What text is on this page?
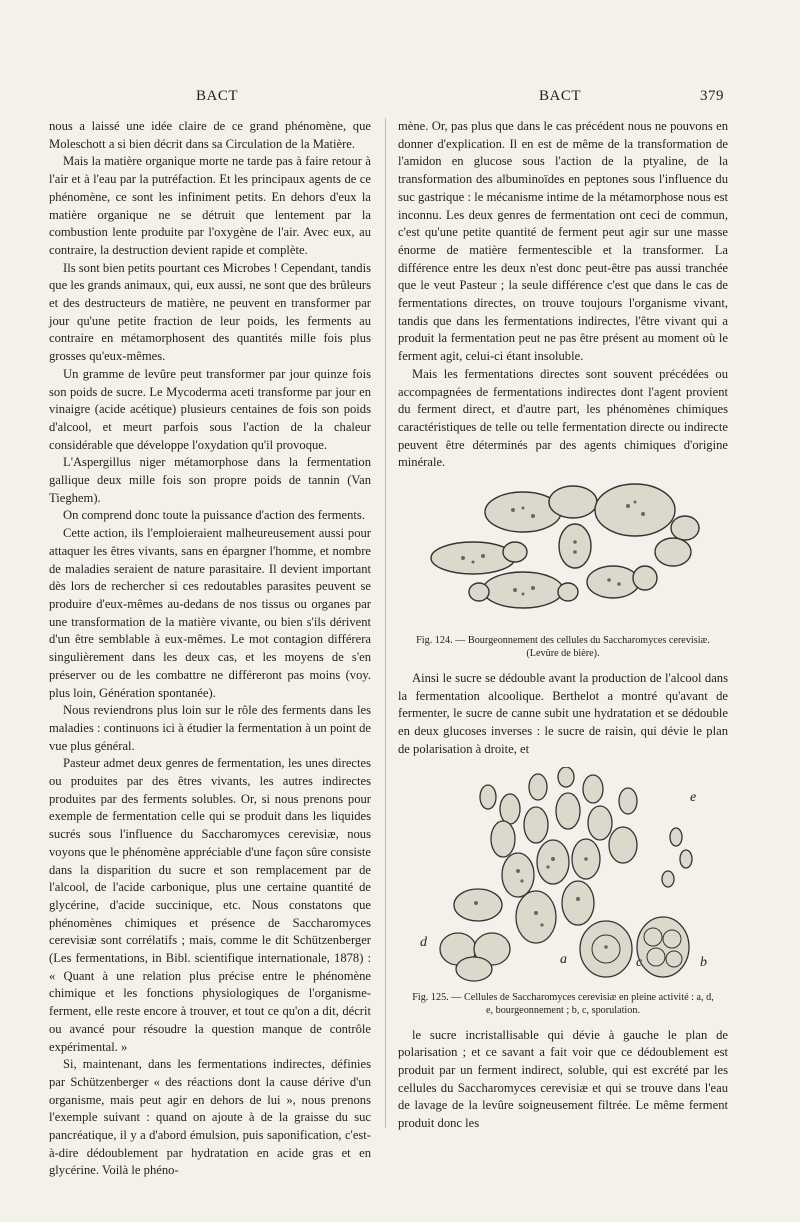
BACT	BACT	379

nous a laissé une idée claire de ce grand phénomène, que Moleschott a si bien décrit dans sa Circulation de la Matière.

Mais la matière organique morte ne tarde pas à faire retour à l'air et à l'eau par la putréfaction. Et les principaux agents de ce phénomène, ce sont les infiniment petits. En dehors d'eux la matière organique ne se détruit que lentement par la combustion lente produite par l'oxygène de l'air. Avec eux, au contraire, la destruction devient rapide et complète.

Ils sont bien petits pourtant ces Microbes ! Cependant, tandis que les grands animaux, qui, eux aussi, ne sont que des brûleurs et des destructeurs de matière, ne peuvent en transformer par jour qu'une petite fraction de leur poids, les ferments au contraire en métamorphosent des quantités mille fois plus grosses qu'eux-mêmes.

Un gramme de levûre peut transformer par jour quinze fois son poids de sucre. Le Mycoderma aceti transforme par jour en vinaigre (acide acétique) plusieurs centaines de fois son poids d'alcool, et meurt parfois sous l'action de la chaleur considérable que développe l'oxydation qu'il provoque.

L'Aspergillus niger métamorphose dans la fermentation gallique deux mille fois son propre poids de tannin (Van Tieghem).

On comprend donc toute la puissance d'action des ferments.

Cette action, ils l'emploieraient malheureusement aussi pour attaquer les êtres vivants, sans en épargner l'homme, et nombre de maladies seraient de nature parasitaire. Il devient important dès lors de rechercher si ces redoutables parasites peuvent se produire d'eux-mêmes au-dedans de nos tissus ou organes par une transformation de la matière vivante, ou bien s'ils dérivent d'un être semblable à eux-mêmes. Le mot contagion différera singulièrement dans les deux cas, et les moyens de s'en préserver ou de les combattre ne différeront pas moins (voy. plus loin, Génération spontanée).

Nous reviendrons plus loin sur le rôle des ferments dans les maladies : continuons ici à étudier la fermentation à un point de vue plus général.

Pasteur admet deux genres de fermentation, les unes directes ou produites par des êtres vivants, les autres indirectes produites par des ferments solubles. Or, si nous prenons pour exemple de fermentation celle qui se produit dans les liquides sucrés sous l'influence du Saccharomyces cerevisiæ, nous voyons que le phénomène appréciable d'une façon sûre consiste dans la disparition du sucre et son remplacement par de l'alcool, de l'acide carbonique, plus une certaine quantité de glycérine, d'acide succinique, etc. Nous constatons que phénomènes chimiques et présence de Saccharomyces cerevisiæ sont corrélatifs ; mais, comme le dit Schützenberger (Les fermentations, in Bibl. scientifique internationale, 1878) : « Quant à une relation plus précise entre le phénomène chimique et les fonctions physiologiques de l'organisme-ferment, elle reste encore à trouver, et tout ce qu'on a dit, décrit ou avancé pour résoudre la question manque de contrôle expérimental. »

Si, maintenant, dans les fermentations indirectes, définies par Schützenberger « des réactions dont la cause dérive d'un organisme, mais peut agir en dehors de lui », nous prenons l'exemple suivant : quand on ajoute à de la graisse du suc pancréatique, il y a d'abord émulsion, puis saponification, c'est-à-dire dédoublement par hydratation en acide gras et en glycérine. Voilà le phéno-

mène. Or, pas plus que dans le cas précédent nous ne pouvons en donner d'explication. Il en est de même de la transformation de l'amidon en glucose sous l'action de la ptyaline, de la transformation des albuminoïdes en peptones sous l'influence du suc gastrique : le mécanisme intime de la métamorphose nous est inconnu. Les deux genres de fermentation ont ceci de commun, c'est qu'une petite quantité de ferment peut agir sur une masse énorme de matière fermentescible et la transformer. La différence entre les deux n'est donc peut-être pas aussi tranchée que le veut Pasteur ; la seule différence c'est que dans le cas de fermentations directes, on trouve toujours l'organisme vivant, tandis que dans les fermentations indirectes, l'être vivant qui a produit la fermentation peut ne pas être présent au moment où le ferment agit, celui-ci étant insoluble.

Mais les fermentations directes sont souvent précédées ou accompagnées de fermentations indirectes dont l'agent provient du ferment direct, et d'autre part, les phénomènes chimiques caractéristiques de telle ou telle fermentation directe ou indirecte peuvent être déterminés par des agents chimiques d'origine minérale.

Fig. 124. — Bourgeonnement des cellules du Saccharomyces cerevisiæ. (Levûre de bière).

Ainsi le sucre se dédouble avant la production de l'alcool dans la fermentation alcoolique. Berthelot a montré qu'avant de fermenter, le sucre de canne subit une hydratation et se dédouble en deux glucoses inverses : le sucre de raisin, qui dévie le plan de polarisation à droite, et

Fig. 125. — Cellules de Saccharomyces cerevisiæ en pleine activité : a, d, e, bourgeonnement ; b, c, sporulation.

le sucre incristallisable qui dévie à gauche le plan de polarisation ; et ce savant a fait voir que ce dédoublement est produit par un ferment indirect, soluble, qui est excrété par les cellules du Saccharomyces cerevisiæ et qui se trouve dans l'eau de lavage de la levûre soigneusement filtrée. Le même ferment produit donc les

e
d
a	c	b
